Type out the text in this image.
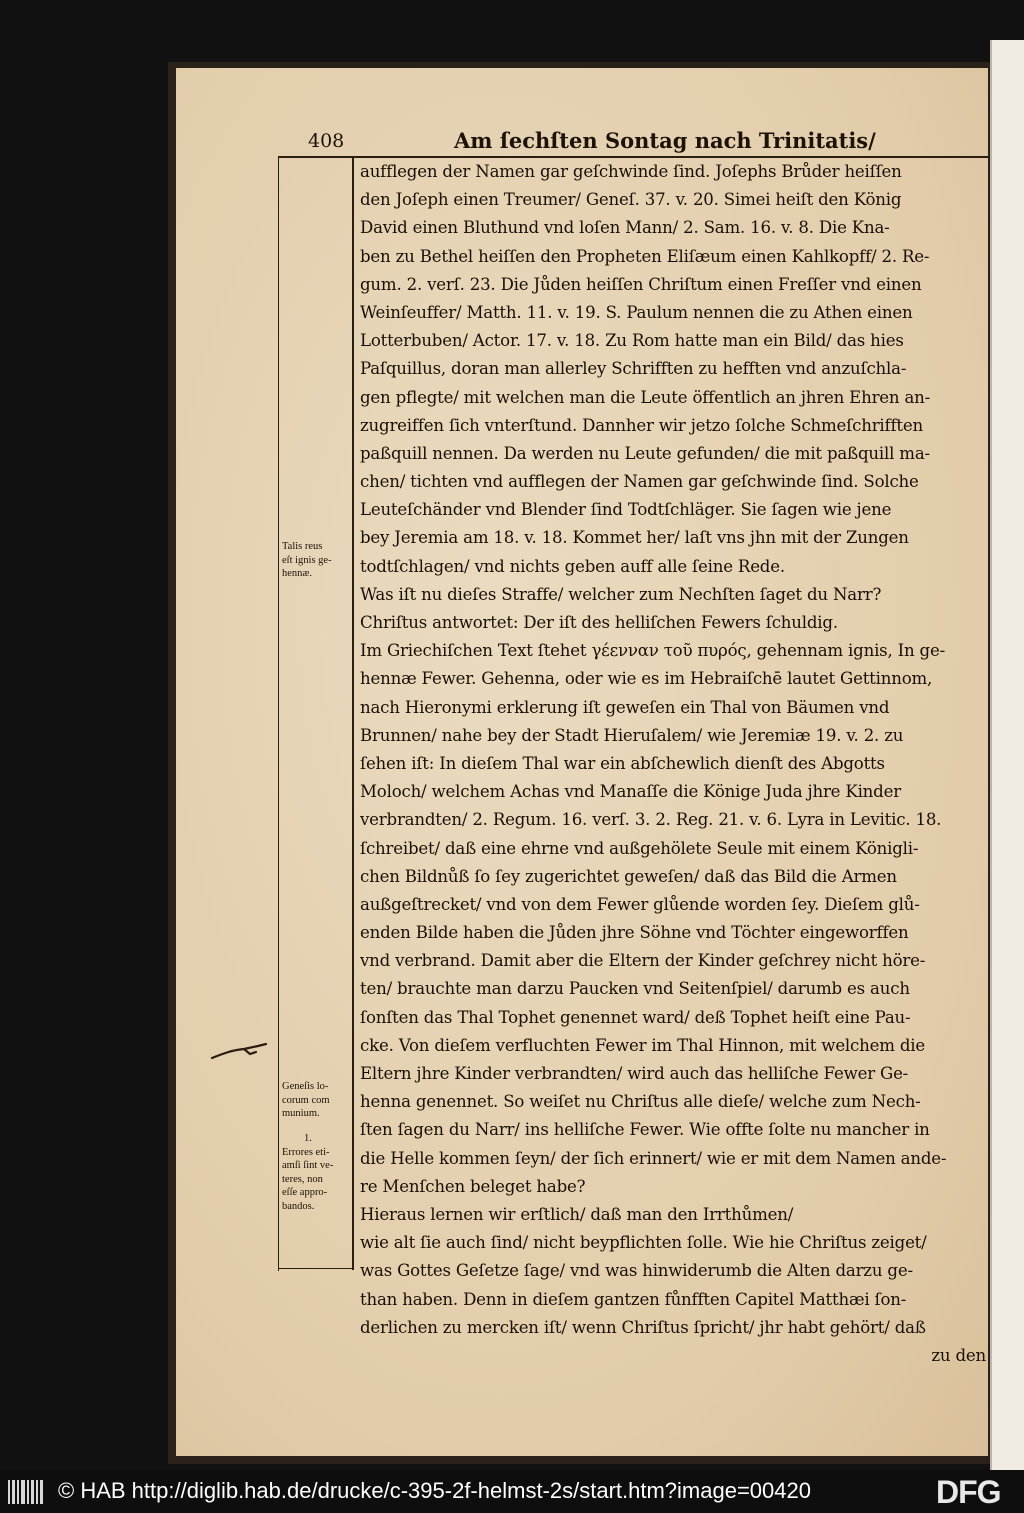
408	Am ſechſten Sontag nach Trinitatis/
aufflegen der Namen gar geſchwinde ſind. Joſephs Brůder heiſſen
den Joſeph einen Treumer/ Geneſ. 37. v. 20. Simei heiſt den König
David einen Bluthund vnd loſen Mann/ 2. Sam. 16. v. 8. Die Kna-
ben zu Bethel heiſſen den Propheten Eliſæum einen Kahlkopff/ 2. Re-
gum. 2. verſ. 23. Die Jůden heiſſen Chriſtum einen Freſſer vnd einen
Weinſeuffer/ Matth. 11. v. 19. S. Paulum nennen die zu Athen einen
Lotterbuben/ Actor. 17. v. 18. Zu Rom hatte man ein Bild/ das hies
Paſquillus, doran man allerley Schrifften zu hefften vnd anzuſchla-
gen pflegte/ mit welchen man die Leute öffentlich an jhren Ehren an-
zugreiffen ſich vnterſtund. Dannher wir jetzo ſolche Schmeſchrifften
paßquill nennen. Da werden nu Leute gefunden/ die mit paßquill ma-
chen/ tichten vnd aufflegen der Namen gar geſchwinde ſind. Solche
Leuteſchänder vnd Blender ſind Todtſchläger. Sie ſagen wie jene
bey Jeremia am 18. v. 18. Kommet her/ laſt vns jhn mit der Zungen
todtſchlagen/ vnd nichts geben auff alle ſeine Rede.
Was iſt nu dieſes Straffe/ welcher zum Nechſten ſaget du Narr?
Chriſtus antwortet: Der iſt des helliſchen Fewers ſchuldig.
Im Griechiſchen Text ſtehet γέενναν τοῦ πυρός, gehennam ignis, In ge-
hennæ Fewer. Gehenna, oder wie es im Hebraiſchē lautet Gettinnom,
nach Hieronymi erklerung iſt geweſen ein Thal von Bäumen vnd
Brunnen/ nahe bey der Stadt Hieruſalem/ wie Jeremiæ 19. v. 2. zu
ſehen iſt: In dieſem Thal war ein abſchewlich dienſt des Abgotts
Moloch/ welchem Achas vnd Manaſſe die Könige Juda jhre Kinder
verbrandten/ 2. Regum. 16. verſ. 3. 2. Reg. 21. v. 6. Lyra in Levitic. 18.
ſchreibet/ daß eine ehrne vnd außgehölete Seule mit einem Königli-
chen Bildnůß ſo ſey zugerichtet geweſen/ daß das Bild die Armen
außgeſtrecket/ vnd von dem Fewer glůende worden ſey. Dieſem glů-
enden Bilde haben die Jůden jhre Söhne vnd Töchter eingeworffen
vnd verbrand. Damit aber die Eltern der Kinder geſchrey nicht höre-
ten/ brauchte man darzu Paucken vnd Seitenſpiel/ darumb es auch
ſonſten das Thal Tophet genennet ward/ deß Tophet heiſt eine Pau-
cke. Von dieſem verfluchten Fewer im Thal Hinnon, mit welchem die
Eltern jhre Kinder verbrandten/ wird auch das helliſche Fewer Ge-
henna genennet. So weiſet nu Chriſtus alle dieſe/ welche zum Nech-
ſten ſagen du Narr/ ins helliſche Fewer. Wie offte ſolte nu mancher in
die Helle kommen ſeyn/ der ſich erinnert/ wie er mit dem Namen ande-
re Menſchen beleget habe?
Hieraus lernen wir erſtlich/ daß man den Irrthůmen/
wie alt ſie auch ſind/ nicht beypflichten ſolle. Wie hie Chriſtus zeiget/
was Gottes Geſetze ſage/ vnd was hinwiderumb die Alten darzu ge-
than haben. Denn in dieſem gantzen fůnfften Capitel Matthæi ſon-
derlichen zu mercken iſt/ wenn Chriſtus ſpricht/ jhr habt gehört/ daß
zu den
Talis reus
eſt ignis ge-
hennæ.
Geneſis lo-
corum com
munium.
1.
Errores eti-
amſi ſint ve-
teres, non
eſſe appro-
bandos.
© HAB http://diglib.hab.de/drucke/c-395-2f-helmst-2s/start.htm?image=00420	DFG
